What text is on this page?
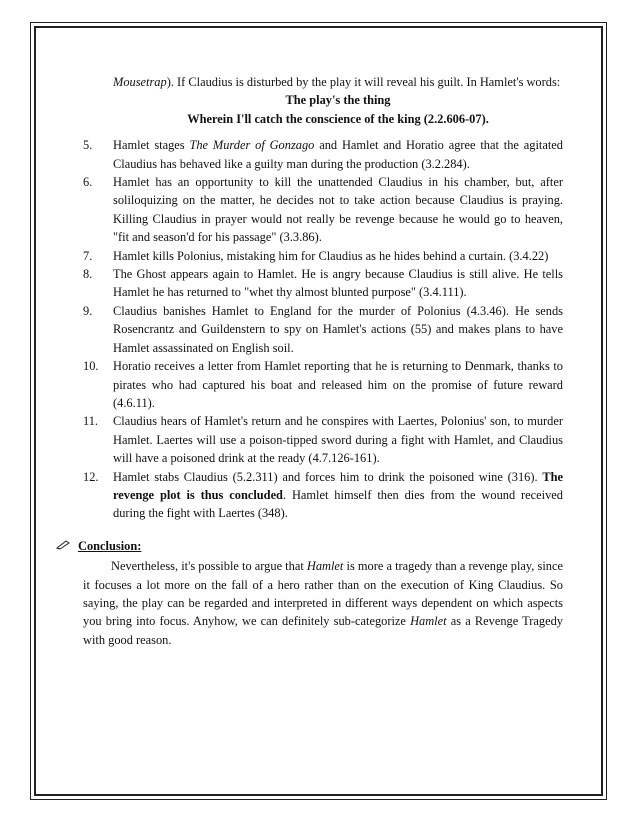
Mousetrap). If Claudius is disturbed by the play it will reveal his guilt. In Hamlet's words:

The play's the thing

Wherein I'll catch the conscience of the king (2.2.606-07).

5. Hamlet stages The Murder of Gonzago and Hamlet and Horatio agree that the agitated Claudius has behaved like a guilty man during the production (3.2.284).
6. Hamlet has an opportunity to kill the unattended Claudius in his chamber, but, after soliloquizing on the matter, he decides not to take action because Claudius is praying. Killing Claudius in prayer would not really be revenge because he would go to heaven, "fit and season'd for his passage" (3.3.86).
7. Hamlet kills Polonius, mistaking him for Claudius as he hides behind a curtain. (3.4.22)
8. The Ghost appears again to Hamlet. He is angry because Claudius is still alive. He tells Hamlet he has returned to "whet thy almost blunted purpose" (3.4.111).
9. Claudius banishes Hamlet to England for the murder of Polonius (4.3.46). He sends Rosencrantz and Guildenstern to spy on Hamlet's actions (55) and makes plans to have Hamlet assassinated on English soil.
10. Horatio receives a letter from Hamlet reporting that he is returning to Denmark, thanks to pirates who had captured his boat and released him on the promise of future reward (4.6.11).
11. Claudius hears of Hamlet's return and he conspires with Laertes, Polonius' son, to murder Hamlet. Laertes will use a poison-tipped sword during a fight with Hamlet, and Claudius will have a poisoned drink at the ready (4.7.126-161).
12. Hamlet stabs Claudius (5.2.311) and forces him to drink the poisoned wine (316). The revenge plot is thus concluded. Hamlet himself then dies from the wound received during the fight with Laertes (348).
Conclusion:

Nevertheless, it's possible to argue that Hamlet is more a tragedy than a revenge play, since it focuses a lot more on the fall of a hero rather than on the execution of King Claudius. So saying, the play can be regarded and interpreted in different ways dependent on which aspects you bring into focus. Anyhow, we can definitely sub-categorize Hamlet as a Revenge Tragedy with good reason.
